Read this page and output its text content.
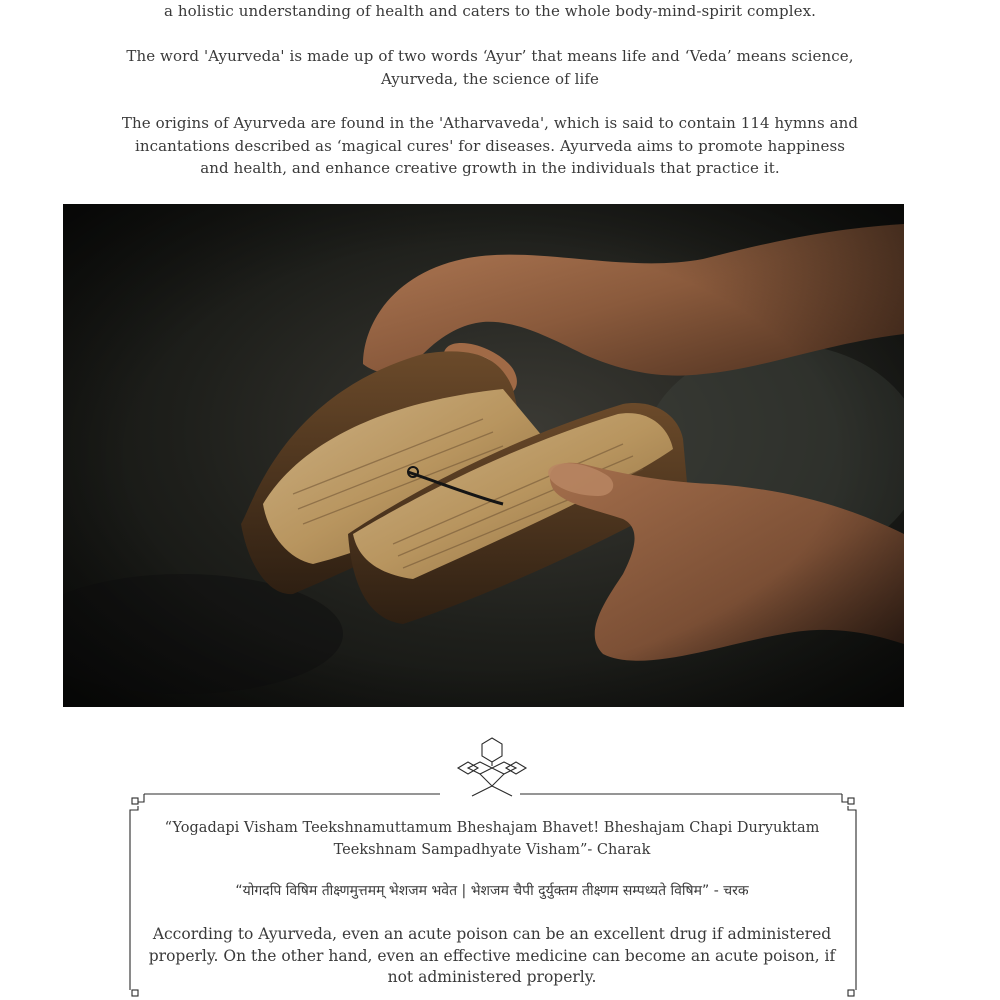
a holistic understanding of health and caters to the whole body-mind-spirit complex.

The word 'Ayurveda' is made up of two words ‘Ayur’ that means life and ‘Veda’ means science, Ayurveda, the science of life

The origins of Ayurveda are found in the 'Atharvaveda', which is said to contain 114 hymns and incantations described as ‘magical cures' for diseases. Ayurveda aims to promote happiness and health, and enhance creative growth in the individuals that practice it.

“Yogadapi Visham Teekshnamuttamum Bheshajam Bhavet! Bheshajam Chapi Duryuktam Teekshnam Sampadhyate Visham”- Charak

“योगदपि विषिम तीक्ष्णमुत्तमम् भेशजम भवेत | भेशजम चैपी दुर्युक्तम तीक्ष्णम सम्पध्यते विषिम” - चरक

According to Ayurveda, even an acute poison can be an excellent drug if administered properly. On the other hand, even an effective medicine can become an acute poison, if not administered properly.
